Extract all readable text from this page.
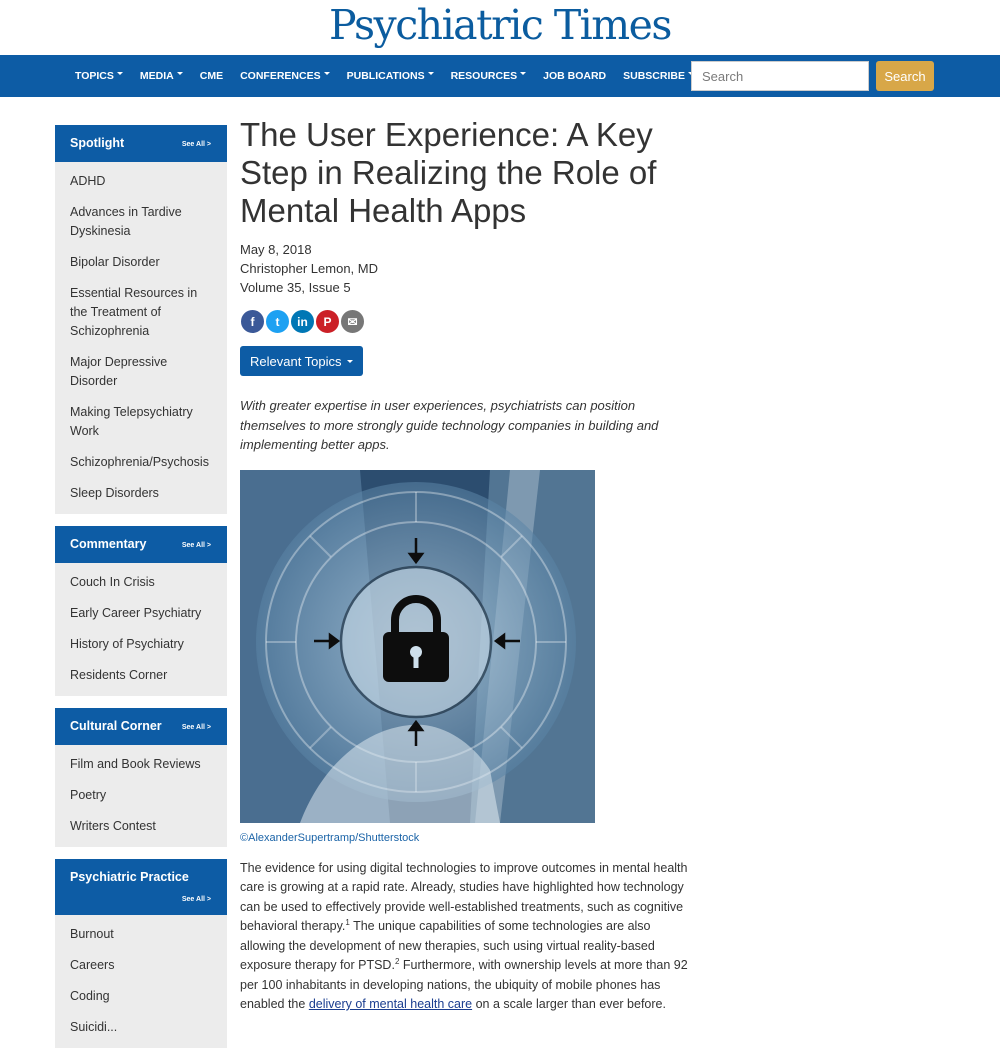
Psychiatric Times
TOPICS MEDIA CME CONFERENCES PUBLICATIONS RESOURCES JOB BOARD SUBSCRIBE
Search	Search
Spotlight	See All >
ADHD
Advances in Tardive Dyskinesia
Bipolar Disorder
Essential Resources in the Treatment of Schizophrenia
Major Depressive Disorder
Making Telepsychiatry Work
Schizophrenia/Psychosis
Sleep Disorders
Commentary	See All >
Couch In Crisis
Early Career Psychiatry
History of Psychiatry
Residents Corner
Cultural Corner	See All >
Film and Book Reviews
Poetry
Writers Contest
Psychiatric Practice
See All >
Burnout
Careers
Coding
Suicidi...
The User Experience: A Key Step in Realizing the Role of Mental Health Apps
May 8, 2018
Christopher Lemon, MD
Volume 35, Issue 5
f	t	in	P	✉
Relevant Topics

With greater expertise in user experiences, psychiatrists can position themselves to more strongly guide technology companies in building and implementing better apps.

©AlexanderSupertramp/Shutterstock

The evidence for using digital technologies to improve outcomes in mental health care is growing at a rapid rate. Already, studies have highlighted how technology can be used to effectively provide well-established treatments, such as cognitive behavioral therapy.$^1$ The unique capabilities of some technologies are also allowing the development of new therapies, such using virtual reality-based exposure therapy for PTSD.$^2$ Furthermore, with ownership levels at more than 92 per 100 inhabitants in developing nations, the ubiquity of mobile phones has enabled the delivery of mental health care on a scale larger than ever before.
